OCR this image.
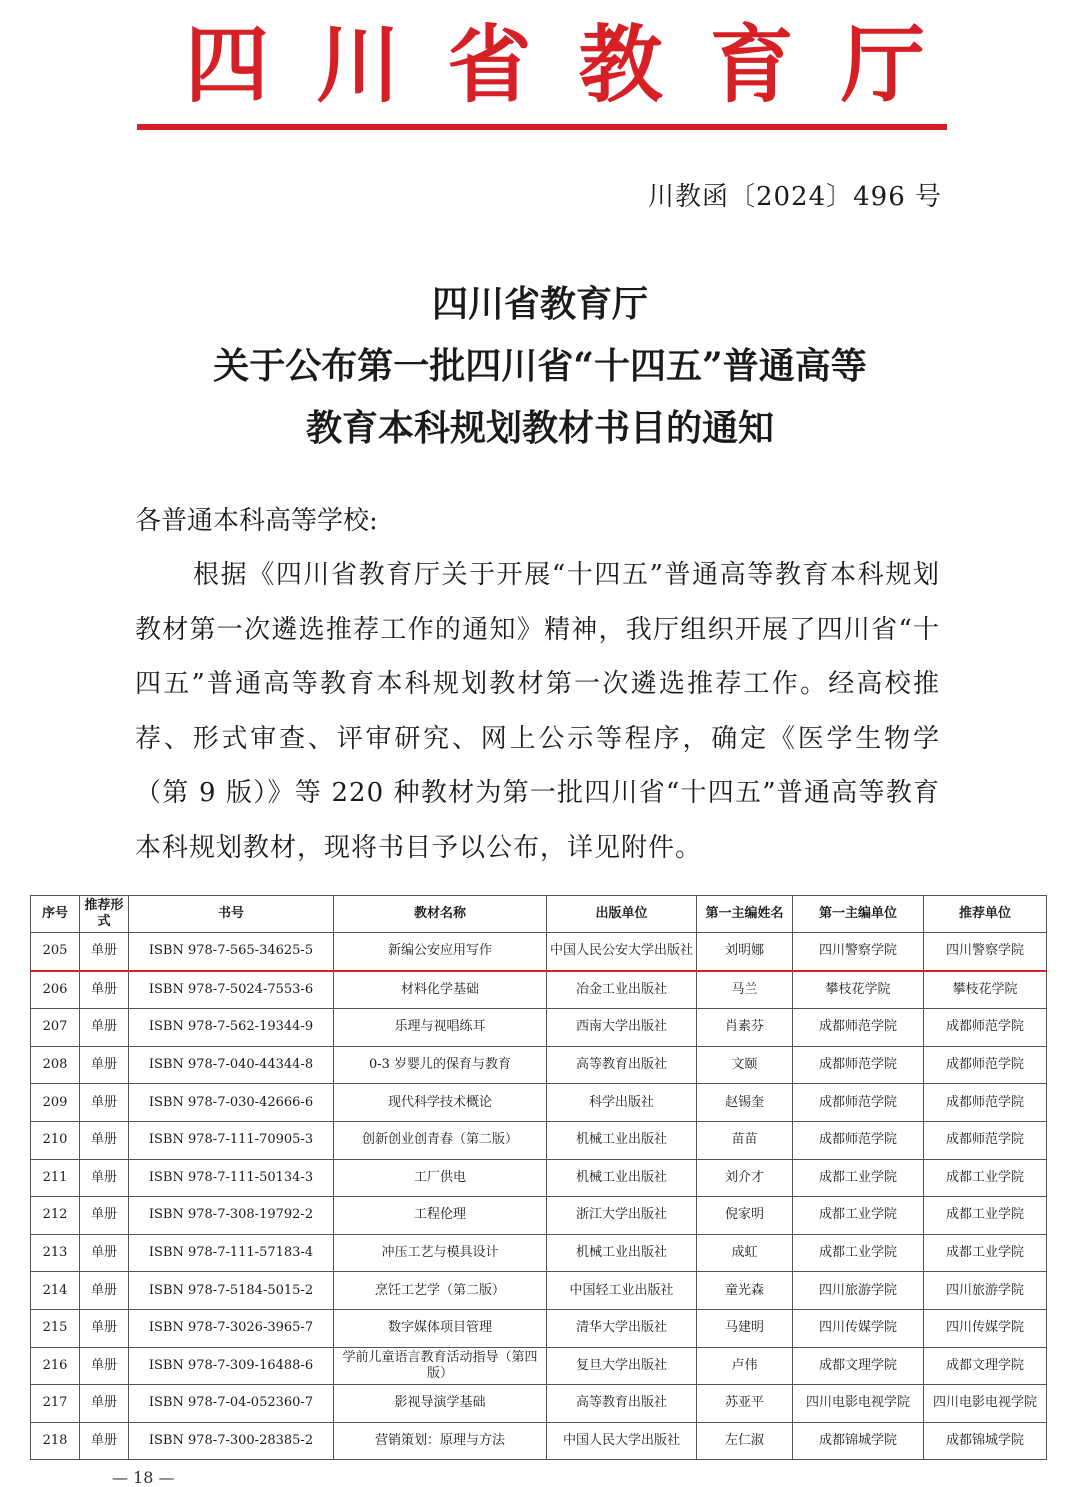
四 川 省 教 育 厅
川教函〔2024〕496 号
四川省教育厅
关于公布第一批四川省“十四五”普通高等
教育本科规划教材书目的通知
各普通本科高等学校:
根据《四川省教育厅关于开展“十四五”普通高等教育本科规划教材第一次遴选推荐工作的通知》精神，我厅组织开展了四川省“十四五”普通高等教育本科规划教材第一次遴选推荐工作。经高校推荐、形式审查、评审研究、网上公示等程序，确定《医学生物学（第 9 版）》等 220 种教材为第一批四川省“十四五”普通高等教育本科规划教材，现将书目予以公布，详见附件。
序号	推荐形式	书号	教材名称	出版单位	第一主编姓名	第一主编单位	推荐单位
205	单册	ISBN 978-7-565-34625-5	新编公安应用写作	中国人民公安大学出版社	刘明娜	四川警察学院	四川警察学院
206	单册	ISBN 978-7-5024-7553-6	材料化学基础	冶金工业出版社	马兰	攀枝花学院	攀枝花学院
207	单册	ISBN 978-7-562-19344-9	乐理与视唱练耳	西南大学出版社	肖素芬	成都师范学院	成都师范学院
208	单册	ISBN 978-7-040-44344-8	0-3 岁婴儿的保育与教育	高等教育出版社	文颐	成都师范学院	成都师范学院
209	单册	ISBN 978-7-030-42666-6	现代科学技术概论	科学出版社	赵锡奎	成都师范学院	成都师范学院
210	单册	ISBN 978-7-111-70905-3	创新创业创青春（第二版）	机械工业出版社	苗苗	成都师范学院	成都师范学院
211	单册	ISBN 978-7-111-50134-3	工厂供电	机械工业出版社	刘介才	成都工业学院	成都工业学院
212	单册	ISBN 978-7-308-19792-2	工程伦理	浙江大学出版社	倪家明	成都工业学院	成都工业学院
213	单册	ISBN 978-7-111-57183-4	冲压工艺与模具设计	机械工业出版社	成虹	成都工业学院	成都工业学院
214	单册	ISBN 978-7-5184-5015-2	烹饪工艺学（第二版）	中国轻工业出版社	童光森	四川旅游学院	四川旅游学院
215	单册	ISBN 978-7-3026-3965-7	数字媒体项目管理	清华大学出版社	马建明	四川传媒学院	四川传媒学院
216	单册	ISBN 978-7-309-16488-6	学前儿童语言教育活动指导（第四版）	复旦大学出版社	卢伟	成都文理学院	成都文理学院
217	单册	ISBN 978-7-04-052360-7	影视导演学基础	高等教育出版社	苏亚平	四川电影电视学院	四川电影电视学院
218	单册	ISBN 978-7-300-28385-2	营销策划：原理与方法	中国人民大学出版社	左仁淑	成都锦城学院	成都锦城学院
— 18 —
